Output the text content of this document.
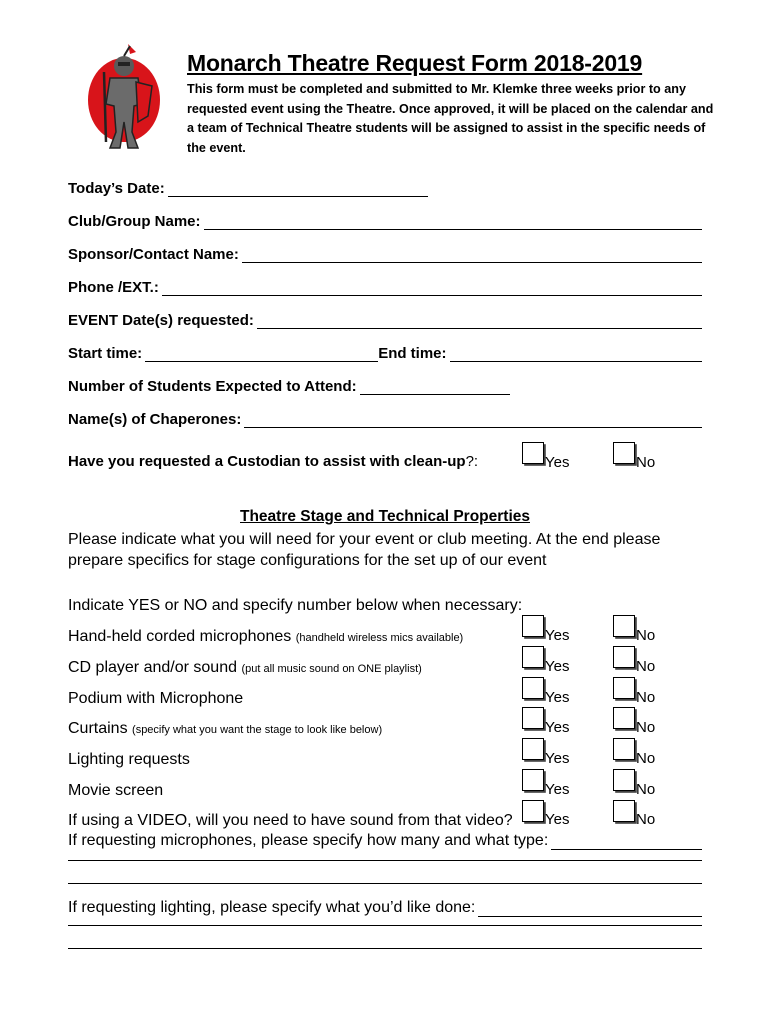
Monarch Theatre Request Form 2018-2019
This form must be completed and submitted to Mr. Klemke three weeks prior to any requested event using the Theatre. Once approved, it will be placed on the calendar and a team of Technical Theatre students will be assigned to assist in the specific needs of the event.
Today’s Date:
Club/Group Name:
Sponsor/Contact Name:
Phone /EXT.:
EVENT Date(s) requested:
Start time:	End time:
Number of Students Expected to Attend:
Name(s) of Chaperones:
Have you requested a Custodian to assist with clean-up?:	Yes	No
Theatre Stage and Technical Properties
Please indicate what you will need for your event or club meeting. At the end please prepare specifics for stage configurations for the set up of our event
Indicate YES or NO and specify number below when necessary:
Hand-held corded microphones (handheld wireless mics available)	Yes	No
CD player and/or sound (put all music sound on ONE playlist)	Yes	No
Podium with Microphone	Yes	No
Curtains (specify what you want the stage to look like below)	Yes	No
Lighting requests	Yes	No
Movie screen	Yes	No
If using a VIDEO, will you need to have sound from that video?	Yes	No
If requesting microphones, please specify how many and what type:
If requesting lighting, please specify what you’d like done:
